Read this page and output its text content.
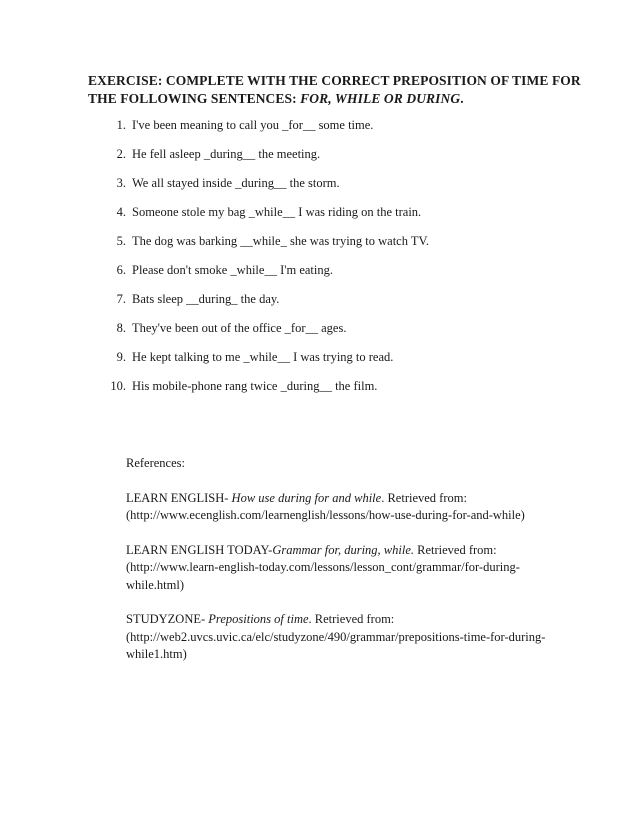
EXERCISE: COMPLETE WITH THE CORRECT PREPOSITION OF TIME FOR
THE FOLLOWING SENTENCES: FOR, WHILE OR DURING.
1. I've been meaning to call you _for__ some time.
2. He fell asleep _during__ the meeting.
3. We all stayed inside _during__ the storm.
4. Someone stole my bag _while__ I was riding on the train.
5. The dog was barking __while_ she was trying to watch TV.
6. Please don't smoke _while__ I'm eating.
7. Bats sleep __during_ the day.
8. They've been out of the office _for__ ages.
9. He kept talking to me _while__ I was trying to read.
10. His mobile-phone rang twice _during__ the film.

References:

LEARN ENGLISH- How use during for and while. Retrieved from:
(http://www.ecenglish.com/learnenglish/lessons/how-use-during-for-and-while)

LEARN ENGLISH TODAY-Grammar for, during, while. Retrieved from:
(http://www.learn-english-today.com/lessons/lesson_cont/grammar/for-during-
while.html)

STUDYZONE- Prepositions of time. Retrieved from:
(http://web2.uvcs.uvic.ca/elc/studyzone/490/grammar/prepositions-time-for-during-
while1.htm)
